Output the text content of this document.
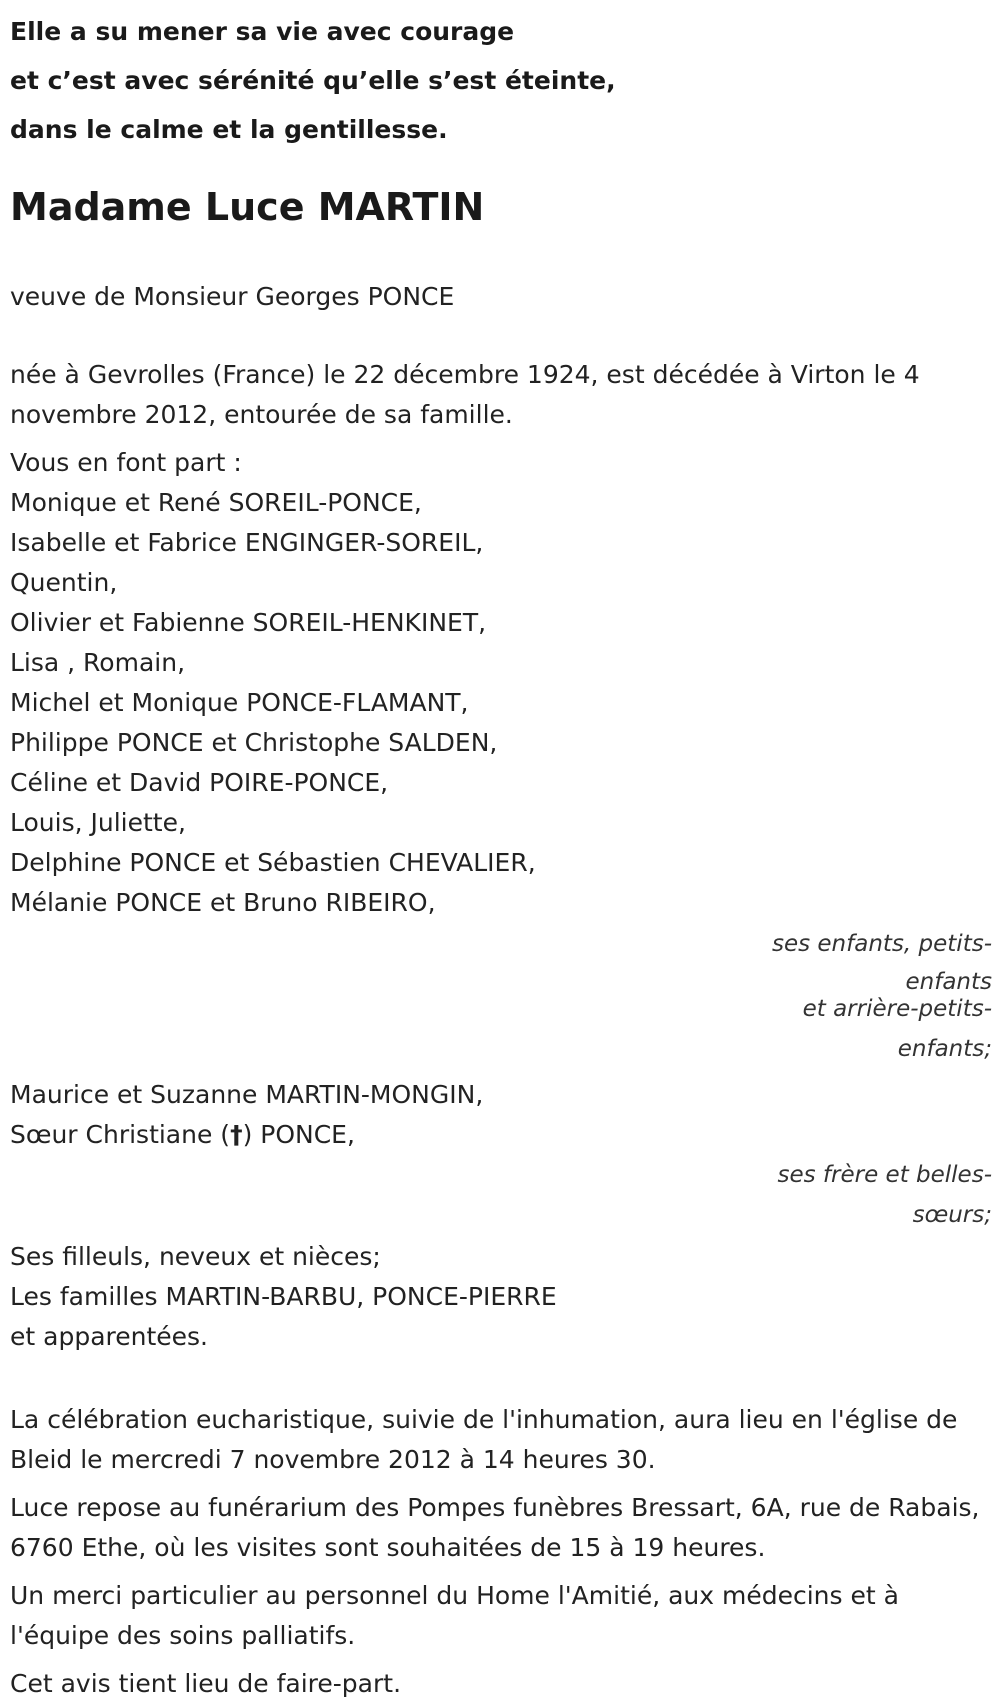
Elle a su mener sa vie avec courage
et c’est avec sérénité qu’elle s’est éteinte,
dans le calme et la gentillesse.
Madame Luce MARTIN
veuve de Monsieur Georges PONCE
née à Gevrolles (France) le 22 décembre 1924, est décédée à Virton le 4 novembre 2012, entourée de sa famille.
Vous en font part :
Monique et René SOREIL-PONCE,
Isabelle et Fabrice ENGINGER-SOREIL,
Quentin,
Olivier et Fabienne SOREIL-HENKINET,
Lisa , Romain,
Michel et Monique PONCE-FLAMANT,
Philippe PONCE et Christophe SALDEN,
Céline et David POIRE-PONCE,
Louis, Juliette,
Delphine PONCE et Sébastien CHEVALIER,
Mélanie PONCE et Bruno RIBEIRO,
ses enfants, petits-enfants
et arrière-petits-enfants;
Maurice et Suzanne MARTIN-MONGIN,
Sœur Christiane (†) PONCE,
ses frère et belles-sœurs;
Ses filleuls, neveux et nièces;
Les familles MARTIN-BARBU, PONCE-PIERRE
et apparentées.
La célébration eucharistique, suivie de l'inhumation, aura lieu en l'église de Bleid le mercredi 7 novembre 2012 à 14 heures 30.
Luce repose au funérarium des Pompes funèbres Bressart, 6A, rue de Rabais, 6760 Ethe, où les visites sont souhaitées de 15 à 19 heures.
Un merci particulier au personnel du Home l'Amitié, aux médecins et à l'équipe des soins palliatifs.
Cet avis tient lieu de faire-part.
